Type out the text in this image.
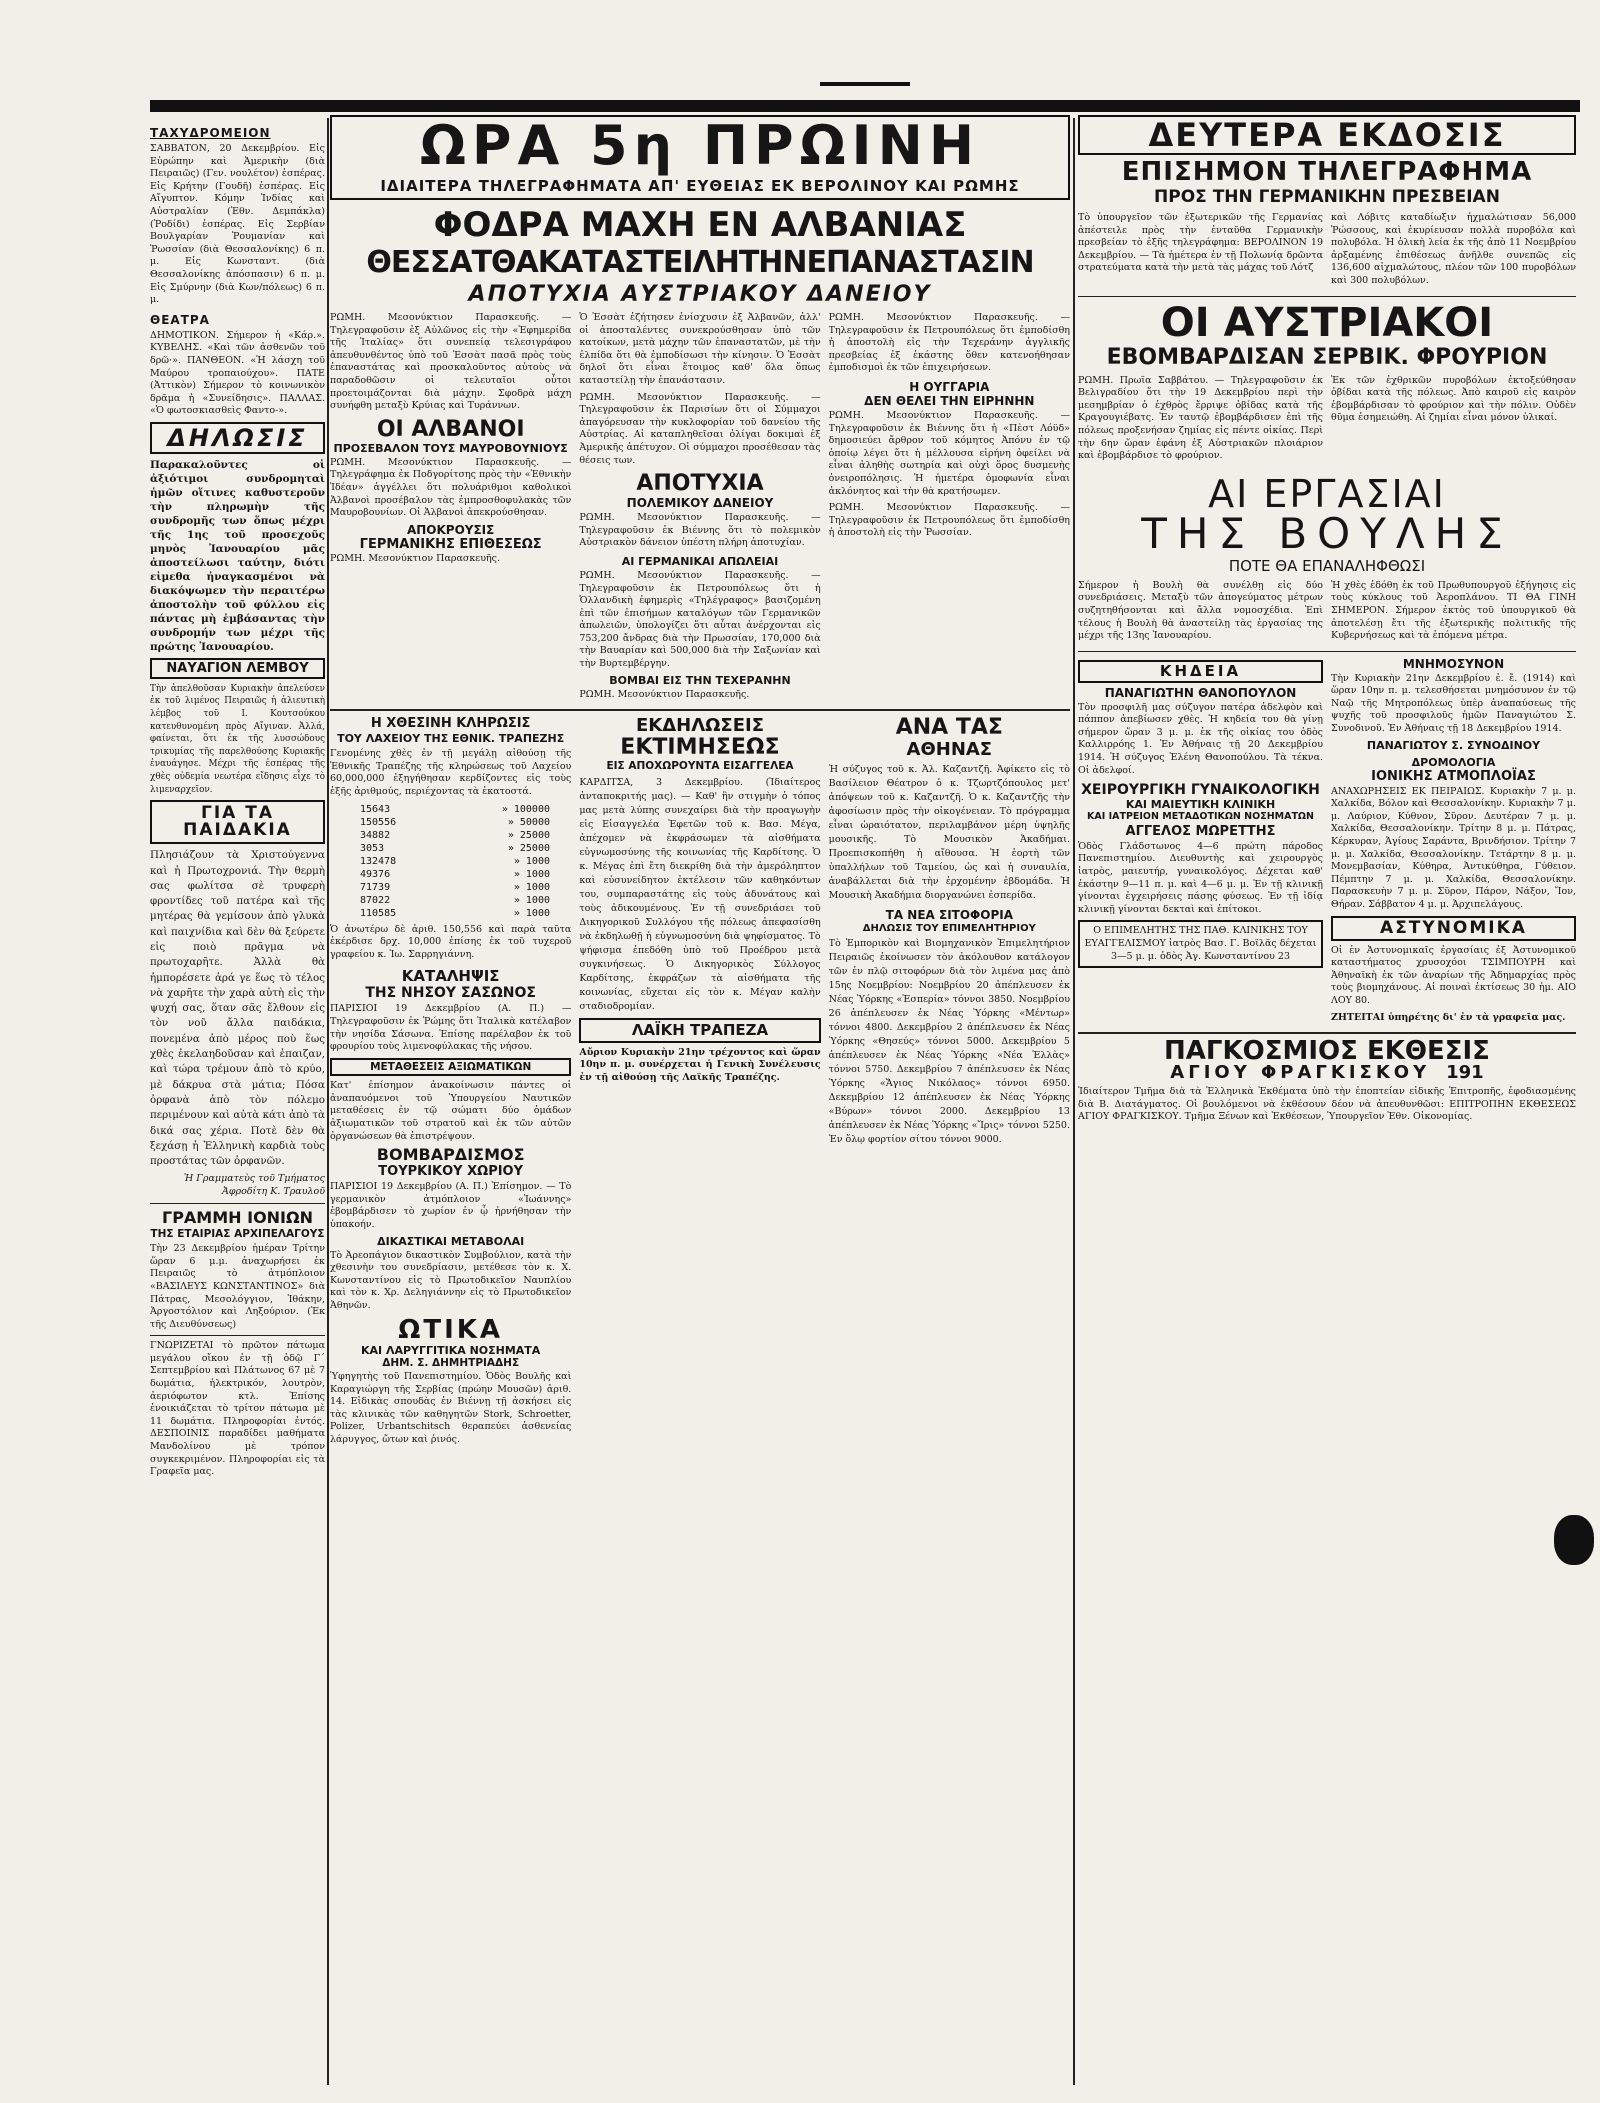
ΤΑΧΥΔΡΟΜΕΙΟΝ

ΣΑΒΒΑΤΟΝ, 20 Δεκεμβρίου. Εἰς Εὐρώπην καὶ Ἀμερικὴν (διὰ Πειραιῶς) (Γεν. νουλέτον) ἑσπέρας. Εἰς Κρήτην (Γουδῆ) ἑσπέρας. Εἰς Αἴγυπτον. Κόμην Ἰνδίας καὶ Αὐστραλίαν (Ἐθν. Δεμπάκλα) (Ῥοδίδι) ἑσπέρας. Εἰς Σερβίαν Βουλγαρίαν Ῥουμανίαν καὶ Ῥωσσίαν (διὰ Θεσσαλονίκης) 6 π. μ. Εἰς Κωνσταντ. (διὰ Θεσσαλονίκης ἀπόσπασιν) 6 π. μ. Εἰς Σμύρνην (διὰ Κων/πόλεως) 6 π. μ.

ΘΕΑΤΡΑ

ΔΗΜΟΤΙΚΟΝ. Σήμερον ἡ «Κάρ.». ΚΥΒΕΛΗΣ. «Καὶ τῶν ἀσθενῶν τοῦ δρῶ·». ΠΑΝΘΕΟΝ. «Ἡ λάσχη τοῦ Μαύρου τροπαιούχου». ΠΑΤΕ (Ἀττικὸν) Σήμερον τὸ κοινωνικὸν δρᾶμα ἡ «Συνείδησις». ΠΑΛΛΑΣ. «Ὁ φωτοσκιασθεὶς Φαντο-».

ΔΗΛΩΣΙΣ

Παρακαλοῦντες οἱ ἀξιότιμοι συνδρομηταὶ ἡμῶν οἵτινες καθυστεροῦν τὴν πληρωμὴν τῆς συνδρομῆς των ὅπως μέχρι τῆς 1ης τοῦ προσεχοῦς μηνὸς Ἰανουαρίου μᾶς ἀποστείλωσι ταύτην, διότι εἰμεθα ἠναγκασμένοι νὰ διακόψωμεν τὴν περαιτέρω ἀποστολὴν τοῦ φύλλου εἰς πάντας μὴ ἐμβάσαντας τὴν συνδρομήν των μέχρι τῆς πρώτης Ἰανουαρίου.

ΝΑΥΑΓΙΟΝ ΛΕΜΒΟΥ

Τὴν ἀπελθοῦσαν Κυριακὴν ἀπελεύσεν ἐκ τοῦ λιμένος Πειραιῶς ἡ ἁλιευτικὴ λέμβος τοῦ Ι. Κουτσούκου κατευθυνομένη πρὸς Αἴγιναν. Ἀλλά, φαίνεται, ὅτι ἐκ τῆς λυσσώδους τρικυμίας τῆς παρελθούσης Κυριακῆς ἐναυάγησε. Μέχρι τῆς ἐσπέρας τῆς χθὲς οὐδεμία νεωτέρα εἴδησις εἶχε τὸ λιμεναρχεῖον.

ΓΙΑ ΤΑ ΠΑΙΔΑΚΙΑ

Πλησιάζουν τὰ Χριστούγεννα καὶ ἡ Πρωτοχρονιά. Τὴν θερμὴ σας φωλίτσα σὲ τρυφερὴ φροντίδες τοῦ πατέρα καὶ τῆς μητέρας θὰ γεμίσουν ἀπὸ γλυκὰ καὶ παιχνίδια καὶ δὲν θὰ ξεύρετε εἰς ποιὸ πρᾶγμα νὰ πρωτοχαρῆτε. Ἀλλὰ θὰ ἠμπορέσετε ἀρά γε ἕως τὸ τέλος νὰ χαρῆτε τὴν χαρὰ αὐτὴ εἰς τὴν ψυχή σας, ὅταν σᾶς ἔλθουν εἰς τὸν νοῦ ἄλλα παιδάκια, πονεμένα ἀπὸ μέρος ποὺ ἕως χθὲς ἐκελαηδοῦσαν καὶ ἐπαιζαν, καὶ τώρα τρέμουν ἀπὸ τὸ κρύο, μὲ δάκρυα στὰ μάτια; Πόσα ὀρφανὰ ἀπὸ τὸν πόλεμο περιμένουν καὶ αὐτὰ κάτι ἀπὸ τὰ δικά σας χέρια. Ποτὲ δὲν θὰ ξεχάσῃ ἡ Ἑλληνικὴ καρδιὰ τοὺς προστάτας τῶν ὀρφανῶν.

Ἡ Γραμματεὺς τοῦ Τμήματος Ἀφροδίτη Κ. Τραυλοῦ

ΓΡΑΜΜΗ ΙΟΝΙΩΝ
ΤΗΣ ΕΤΑΙΡΙΑΣ ΑΡΧΙΠΕΛΑΓΟΥΣ

Τὴν 23 Δεκεμβρίου ἡμέραν Τρίτην ὥραν 6 μ.μ. ἀναχωρήσει ἐκ Πειραιῶς τὸ ἀτμόπλοιον «ΒΑΣΙΛΕΥΣ ΚΩΝΣΤΑΝΤΙΝΟΣ» διὰ Πάτρας, Μεσολόγγιον, Ἰθάκην, Ἀργοστόλιον καὶ Ληξούριον. (Ἐκ τῆς Διευθύνσεως)

ΓΝΩΡΙΖΕΤΑΙ τὸ πρῶτον πάτωμα μεγάλου οἴκου ἐν τῇ ὁδῷ Γ΄ Σεπτεμβρίου καὶ Πλάτωνος 67 μὲ 7 δωμάτια, ἠλεκτρικόν, λουτρὸν, ἀεριόφωτον κτλ. Ἐπίσης ἐνοικιάζεται τὸ τρίτον πάτωμα μὲ 11 δωμάτια. Πληροφορίαι ἐντός. ΔΕΣΠΟΙΝΙΣ παραδίδει μαθήματα Μανδολίνου μὲ τρόπον συγκεκριμένον. Πληροφορίαι εἰς τὰ Γραφεῖα μας.

ΩΡΑ 5η ΠΡΩΙΝΗ
ΙΔΙΑΙΤΕΡΑ ΤΗΛΕΓΡΑΦΗΜΑΤΑ ΑΠ' ΕΥΘΕΙΑΣ ΕΚ ΒΕΡΟΛΙΝΟΥ ΚΑΙ ΡΩΜΗΣ
ΦΟΔΡΑ ΜΑΧΗ ΕΝ ΑΛΒΑΝΙΑΣ
ΘΕΣΣΑΤΘΑΚΑΤΑΣΤΕΙΛΗΤΗΝΕΠΑΝΑΣΤΑΣΙΝ
ΑΠΟΤΥΧΙΑ ΑΥΣΤΡΙΑΚΟΥ ΔΑΝΕΙΟΥ

ΡΩΜΗ. Μεσονύκτιον Παρασκευῆς. — Τηλεγραφοῦσιν ἐξ Αὐλῶνος εἰς τὴν «Ἐφημερίδα τῆς Ἰταλίας» ὅτι συνεπείᾳ τελεσιγράφου ἀπευθυνθέντος ὑπὸ τοῦ Ἐσσὰτ πασᾶ πρὸς τοὺς ἐπαναστάτας καὶ προσκαλοῦντος αὐτοὺς νὰ παραδοθῶσιν οἱ τελευταῖοι οὗτοι προετοιμάζονται διὰ μάχην. Σφοδρὰ μάχη συνήφθη μεταξὺ Κρύιας καὶ Τυράννων.

ΟΙ ΑΛΒΑΝΟΙ
ΠΡΟΣΕΒΑΛΟΝ ΤΟΥΣ ΜΑΥΡΟΒΟΥΝΙΟΥΣ

ΡΩΜΗ. Μεσονύκτιον Παρασκευῆς. — Τηλεγράφημα ἐκ Ποδγορίτσης πρὸς τὴν «Ἐθνικὴν Ἰδέαν» ἀγγέλλει ὅτι πολυάριθμοι καθολικοὶ Ἀλβανοὶ προσέβαλον τὰς ἐμπροσθοφυλακὰς τῶν Μαυροβουνίων. Οἱ Ἀλβανοὶ ἀπεκρούσθησαν.

ΑΠΟΚΡΟΥΣΙΣ
ΓΕΡΜΑΝΙΚΗΣ ΕΠΙΘΕΣΕΩΣ

ΡΩΜΗ. Μεσονύκτιον Παρασκευῆς.

Ὁ Ἐσσὰτ ἐζήτησεν ἐνίσχυσιν ἐξ Ἀλβανῶν, ἀλλ' οἱ ἀποσταλέντες συνεκρούσθησαν ὑπὸ τῶν κατοίκων, μετὰ μάχην τῶν ἐπαναστατῶν, μὲ τὴν ἐλπίδα ὅτι θὰ ἐμποδίσωσι τὴν κίνησιν. Ὁ Ἐσσὰτ δηλοῖ ὅτι εἶναι ἕτοιμος καθ' ὅλα ὅπως καταστείλῃ τὴν ἐπανάστασιν.

ΡΩΜΗ. Μεσονύκτιον Παρασκευῆς. — Τηλεγραφοῦσιν ἐκ Παρισίων ὅτι οἱ Σύμμαχοι ἀπαγόρευσαν τὴν κυκλοφορίαν τοῦ δανείου τῆς Αὐστρίας. Αἱ καταπληθεῖσαι ὀλίγαι δοκιμαὶ ἐξ Ἀμερικῆς ἀπέτυχον. Οἱ σύμμαχοι προσέθεσαν τὰς θέσεις των.

ΑΠΟΤΥΧΙΑ
ΠΟΛΕΜΙΚΟΥ ΔΑΝΕΙΟΥ

ΡΩΜΗ. Μεσονύκτιον Παρασκευῆς. — Τηλεγραφοῦσιν ἐκ Βιέννης ὅτι τὸ πολεμικὸν Αὐστριακὸν δάνειον ὑπέστη πλήρη ἀποτυχίαν.

ΑΙ ΓΕΡΜΑΝΙΚΑΙ ΑΠΩΛΕΙΑΙ

ΡΩΜΗ. Μεσονύκτιον Παρασκευῆς. — Τηλεγραφοῦσιν ἐκ Πετρουπόλεως ὅτι ἡ Ὁλλανδικὴ ἐφημερὶς «Τηλέγραφος» βασιζομένη ἐπὶ τῶν ἐπισήμων καταλόγων τῶν Γερμανικῶν ἀπωλειῶν, ὑπολογίζει ὅτι αὗται ἀνέρχονται εἰς 753,200 ἄνδρας διὰ τὴν Πρωσσίαν, 170,000 διὰ τὴν Βαυαρίαν καὶ 500,000 διὰ τὴν Σαξωνίαν καὶ τὴν Βυρτεμβέργην.

ΒΟΜΒΑΙ ΕΙΣ ΤΗΝ ΤΕΧΕΡΑΝΗΝ

ΡΩΜΗ. Μεσονύκτιον Παρασκευῆς.

ΡΩΜΗ. Μεσονύκτιον Παρασκευῆς. — Τηλεγραφοῦσιν ἐκ Πετρουπόλεως ὅτι ἐμποδίσθη ἡ ἀποστολὴ εἰς τὴν Τεχεράνην ἀγγλικῆς πρεσβείας ἐξ ἑκάστης ὅθεν κατενοήθησαν ἐμποδισμοὶ ἐκ τῶν ἐπιχειρήσεων.

Η ΟΥΓΓΑΡΙΑ
ΔΕΝ ΘΕΛΕΙ ΤΗΝ ΕΙΡΗΝΗΝ

ΡΩΜΗ. Μεσονύκτιον Παρασκευῆς. — Τηλεγραφοῦσιν ἐκ Βιέννης ὅτι ἡ «Πὲστ Λόϋδ» δημοσιεύει ἄρθρον τοῦ κόμητος Ἀπόνυ ἐν τῷ ὁποίῳ λέγει ὅτι ἡ μέλλουσα εἰρήνη ὀφείλει νὰ εἶναι ἀληθὴς σωτηρία καὶ οὐχὶ ὅρος δυσμενὴς ὀνειροπόλησις. Ἡ ἡμετέρα ὁμοφωνία εἶναι ἀκλόνητος καὶ τὴν θὰ κρατήσωμεν.

ΡΩΜΗ. Μεσονύκτιον Παρασκευῆς. — Τηλεγραφοῦσιν ἐκ Πετρουπόλεως ὅτι ἐμποδίσθη ἡ ἀποστολὴ εἰς τὴν Ῥωσσίαν.

Η ΧΘΕΣΙΝΗ ΚΛΗΡΩΣΙΣ
ΤΟΥ ΛΑΧΕΙΟΥ ΤΗΣ ΕΘΝΙΚ. ΤΡΑΠΕΖΗΣ

Γενομένης χθὲς ἐν τῇ μεγάλῃ αἰθούσῃ τῆς Ἐθνικῆς Τραπέζης τῆς κληρώσεως τοῦ Λαχείου 60,000,000 ἐξηγήθησαν κερδίζοντες εἰς τοὺς ἑξῆς ἀριθμούς, περιέχοντας τὰ ἐκατοστά.

15643	» 100000
150556	» 50000
34882	» 25000
3053	» 25000
132478	» 1000
49376	» 1000
71739	» 1000
87022	» 1000
110585	» 1000

Ὁ ἀνωτέρω δὲ ἀριθ. 150,556 καὶ παρὰ ταῦτα ἐκέρδισε δρχ. 10,000 ἐπίσης ἐκ τοῦ τυχεροῦ γραφείου κ. Ἰω. Σαρρηγιάννη.

ΚΑΤΑΛΗΨΙΣ
ΤΗΣ ΝΗΣΟΥ ΣΑΣΩΝΟΣ

ΠΑΡΙΣΙΟΙ 19 Δεκεμβρίου (Α. Π.) — Τηλεγραφοῦσιν ἐκ Ῥώμης ὅτι Ἰταλικὰ κατέλαβον τὴν νησίδα Σάσωνα. Ἐπίσης παρέλαβον ἐκ τοῦ φρουρίου τοὺς λιμενοφύλακας τῆς νήσου.

ΜΕΤΑΘΕΣΕΙΣ ΑΞΙΩΜΑΤΙΚΩΝ

Κατ' ἐπίσημον ἀνακοίνωσιν πάντες οἱ ἀναπαυόμενοι τοῦ Ὑπουργείου Ναυτικῶν μεταθέσεις ἐν τῷ σώματι δύο ὁμάδων ἀξιωματικῶν τοῦ στρατοῦ καὶ ἐκ τῶν αὐτῶν ὀργανώσεων θὰ ἐπιστρέψουν.

ΒΟΜΒΑΡΔΙΣΜΟΣ
ΤΟΥΡΚΙΚΟΥ ΧΩΡΙΟΥ

ΠΑΡΙΣΙΟΙ 19 Δεκεμβρίου (Α. Π.) Ἐπίσημον. — Τὸ γερμανικὸν ἀτμόπλοιον «Ἰωάννης» ἐβομβάρδισεν τὸ χωρίον ἐν ᾧ ἠρνήθησαν τὴν ὑπακοήν.

ΔΙΚΑΣΤΙΚΑΙ ΜΕΤΑΒΟΛΑΙ

Τὸ Ἀρεοπάγιον δικαστικὸν Συμβούλιον, κατὰ τὴν χθεσινὴν του συνεδρίασιν, μετέθεσε τὸν κ. Χ. Κωνσταντίνου εἰς τὸ Πρωτοδικεῖον Ναυπλίου καὶ τὸν κ. Χρ. Δεληγιάννην εἰς τὸ Πρωτοδικεῖον Ἀθηνῶν.

ΩΤΙΚΑ
ΚΑΙ ΛΑΡΥΓΓΙΤΙΚΑ ΝΟΣΗΜΑΤΑ
ΔΗΜ. Σ. ΔΗΜΗΤΡΙΑΔΗΣ

Ὑφηγητὴς τοῦ Πανεπιστημίου. Ὁδὸς Βουλῆς καὶ Καραγιώργη τῆς Σερβίας (πρώην Μουσῶν) ἀριθ. 14. Εἰδικὰς σπουδὰς ἐν Βιέννῃ τῇ ἀσκήσει εἰς τὰς κλινικὰς τῶν καθηγητῶν Stork, Schroetter, Polizer, Urbantschitsch θεραπεύει ἀσθενείας λάρυγγος, ὤτων καὶ ῥινός.

ΕΚΔΗΛΩΣΕΙΣ
ΕΚΤΙΜΗΣΕΩΣ
ΕΙΣ ΑΠΟΧΩΡΟΥΝΤΑ ΕΙΣΑΓΓΕΛΕΑ

ΚΑΡΔΙΤΣΑ, 3 Δεκεμβρίου. (Ἰδιαίτερος ἀνταποκριτής μας). — Καθ' ἣν στιγμὴν ὁ τόπος μας μετὰ λύπης συνεχαίρει διὰ τὴν προαγωγὴν εἰς Εἰσαγγελέα Ἐφετῶν τοῦ κ. Βασ. Μέγα, ἀπέχομεν νὰ ἐκφράσωμεν τὰ αἰσθήματα εὐγνωμοσύνης τῆς κοινωνίας τῆς Καρδίτσης. Ὁ κ. Μέγας ἐπὶ ἔτη διεκρίθη διὰ τὴν ἀμερόληπτον καὶ εὐσυνείδητον ἐκτέλεσιν τῶν καθηκόντων του, συμπαραστάτης εἰς τοὺς ἀδυνάτους καὶ τοὺς ἀδικουμένους. Ἐν τῇ συνεδριάσει τοῦ Δικηγορικοῦ Συλλόγου τῆς πόλεως ἀπεφασίσθη νὰ ἐκδηλωθῇ ἡ εὐγνωμοσύνη διὰ ψηφίσματος. Τὸ ψήφισμα ἐπεδόθη ὑπὸ τοῦ Προέδρου μετὰ συγκινήσεως. Ὁ Δικηγορικὸς Σύλλογος Καρδίτσης, ἐκφράζων τὰ αἰσθήματα τῆς κοινωνίας, εὔχεται εἰς τὸν κ. Μέγαν καλὴν σταδιοδρομίαν.

ΛΑΪΚΗ ΤΡΑΠΕΖΑ

Αὔριον Κυριακὴν 21ην τρέχοντος καὶ ὥραν 10ην π. μ. συνέρχεται ἡ Γενικὴ Συνέλευσις ἐν τῇ αἰθούσῃ τῆς Λαϊκῆς Τραπέζης.

ΑΝΑ ΤΑΣ
ΑΘΗΝΑΣ

Ἡ σύζυγος τοῦ κ. Ἀλ. Καζαντζῆ. Ἀφίκετο εἰς τὸ Βασίλειον Θέατρον ὁ κ. Τζωρτζόπουλος μετ' ἀπόψεων τοῦ κ. Καζαντζῆ. Ὁ κ. Καζαντζῆς τὴν ἀφοσίωσιν πρὸς τὴν οἰκογένειαν. Τὸ πρόγραμμα εἶναι ὡραιότατον, περιλαμβάνον μέρη ὑψηλῆς μουσικῆς. Τὸ Μουσικὸν Ἀκαδήμαι. Προεπισκοπήθη ἡ αἴθουσα. Ἡ ἑορτὴ τῶν ὑπαλλήλων τοῦ Ταμείου, ὡς καὶ ἡ συναυλία, ἀναβάλλεται διὰ τὴν ἐρχομένην ἑβδομάδα. Ἡ Μουσικὴ Ἀκαδήμια διοργανώνει ἐσπερίδα.

ΤΑ ΝΕΑ ΣΙΤΟΦΟΡΙΑ
ΔΗΛΩΣΙΣ ΤΟΥ ΕΠΙΜΕΛΗΤΗΡΙΟΥ

Τὸ Ἐμπορικὸν καὶ Βιομηχανικὸν Ἐπιμελητήριον Πειραιῶς ἐκοίνωσεν τὸν ἀκόλουθον κατάλογον τῶν ἐν πλῷ σιτοφόρων διὰ τὸν λιμένα μας ἀπὸ 15ης Νοεμβρίου: Νοεμβρίου 20 ἀπέπλευσεν ἐκ Νέας Ὑόρκης «Ἑσπερία» τόννοι 3850. Νοεμβρίου 26 ἀπέπλευσεν ἐκ Νέας Ὑόρκης «Μέντωρ» τόννοι 4800. Δεκεμβρίου 2 ἀπέπλευσεν ἐκ Νέας Ὑόρκης «Θησεύς» τόννοι 5000. Δεκεμβρίου 5 ἀπέπλευσεν ἐκ Νέας Ὑόρκης «Νέα Ἑλλὰς» τόννοι 5750. Δεκεμβρίου 7 ἀπέπλευσεν ἐκ Νέας Ὑόρκης «Ἄγιος Νικόλαος» τόννοι 6950. Δεκεμβρίου 12 ἀπέπλευσεν ἐκ Νέας Ὑόρκης «Βύρων» τόννοι 2000. Δεκεμβρίου 13 ἀπέπλευσεν ἐκ Νέας Ὑόρκης «Ἴρις» τόννοι 5250. Ἐν ὅλῳ φορτίον σίτου τόννοι 9000.

ΔΕΥΤΕΡΑ ΕΚΔΟΣΙΣ
ΕΠΙΣΗΜΟΝ ΤΗΛΕΓΡΑΦΗΜΑ
ΠΡΟΣ ΤΗΝ ΓΕΡΜΑΝΙΚΗΝ ΠΡΕΣΒΕΙΑΝ

Τὸ ὑπουργεῖον τῶν ἐξωτερικῶν τῆς Γερμανίας ἀπέστειλε πρὸς τὴν ἐνταῦθα Γερμανικὴν πρεσβείαν τὸ ἑξῆς τηλεγράφημα: ΒΕΡΟΛΙΝΟΝ 19 Δεκεμβρίου. — Τὰ ἡμέτερα ἐν τῇ Πολωνίᾳ δρῶντα στρατεύματα κατὰ τὴν μετὰ τὰς μάχας τοῦ Λότζ

καὶ Λόβιτς καταδίωξιν ἠχμαλώτισαν 56,000 Ῥώσσους, καὶ ἐκυρίευσαν πολλὰ πυροβόλα καὶ πολυβόλα. Ἡ ὁλικὴ λεία ἐκ τῆς ἀπὸ 11 Νοεμβρίου ἀρξαμένης ἐπιθέσεως ἀνῆλθε συνεπῶς εἰς 136,600 αἰχμαλώτους, πλέον τῶν 100 πυροβόλων καὶ 300 πολυβόλων.

ΟΙ ΑΥΣΤΡΙΑΚΟΙ
ΕΒΟΜΒΑΡΔΙΣΑΝ ΣΕΡΒΙΚ. ΦΡΟΥΡΙΟΝ

ΡΩΜΗ. Πρωΐα Σαββάτου. — Τηλεγραφοῦσιν ἐκ Βελιγραδίου ὅτι τὴν 19 Δεκεμβρίου περὶ τὴν μεσημβρίαν ὁ ἐχθρὸς ἔρριψε ὀβίδας κατὰ τῆς Κραγουγιέβατς. Ἐν ταυτῷ ἐβομβάρδισεν ἐπὶ τῆς πόλεως προξενήσαν ζημίας εἰς πέντε οἰκίας. Περὶ τὴν 6ην ὥραν ἐφάνη ἐξ Αὐστριακῶν πλοιάριον καὶ ἐβομβάρδισε τὸ φρούριον.

Ἐκ τῶν ἐχθρικῶν πυροβόλων ἐκτοξεύθησαν ὀβίδαι κατὰ τῆς πόλεως. Ἀπὸ καιροῦ εἰς καιρὸν ἐβομβάρδισαν τὸ φρούριον καὶ τὴν πόλιν. Οὐδὲν θῦμα ἐσημειώθη. Αἱ ζημίαι εἶναι μόνον ὑλικαί.

ΑΙ ΕΡΓΑΣΙΑΙ
ΤΗΣ ΒΟΥΛΗΣ
ΠΟΤΕ ΘΑ ΕΠΑΝΑΛΗΦΘΩΣΙ

Σήμερον ἡ Βουλὴ θὰ συνέλθῃ εἰς δύο συνεδριάσεις. Μεταξὺ τῶν ἀπογεύματος μέτρων συζητηθήσονται καὶ ἄλλα νομοσχέδια. Ἐπὶ τέλους ἡ Βουλὴ θὰ ἀναστείλῃ τὰς ἐργασίας της μέχρι τῆς 13ης Ἰανουαρίου.

Ἡ χθὲς ἐδόθη ἐκ τοῦ Πρωθυπουργοῦ ἐξήγησις εἰς τοὺς κύκλους τοῦ Ἀεροπλάνου. TI ΘΑ ΓΙΝΗ ΣΗΜΕΡΟΝ. Σήμερον ἐκτὸς τοῦ ὑπουργικοῦ θὰ ἀποτελέσῃ ἔτι τῆς ἐξωτερικῆς πολιτικῆς τῆς Κυβερνήσεως καὶ τὰ ἑπόμενα μέτρα.

ΚΗΔΕΙΑ
ΠΑΝΑΓΙΩΤΗΝ ΘΑΝΟΠΟΥΛΟΝ

Τὸν προσφιλῆ μας σύζυγον πατέρα ἀδελφὸν καὶ πάππον ἀπεβίωσεν χθὲς. Ἡ κηδεία του θὰ γίνῃ σήμερον ὥραν 3 μ. μ. ἐκ τῆς οἰκίας του ὁδὸς Καλλιρρόης 1. Ἐν Ἀθήναις τῇ 20 Δεκεμβρίου 1914. Ἡ σύζυγος Ἑλένη Θανοπούλου. Τὰ τέκνα. Οἱ ἀδελφοί.

ΧΕΙΡΟΥΡΓΙΚΗ ΓΥΝΑΙΚΟΛΟΓΙΚΗ
ΚΑΙ ΜΑΙΕΥΤΙΚΗ ΚΛΙΝΙΚΗ
ΚΑΙ ΙΑΤΡΕΙΟΝ ΜΕΤΑΔΟΤΙΚΩΝ ΝΟΣΗΜΑΤΩΝ
ΑΓΓΕΛΟΣ ΜΩΡΕΤΤΗΣ

Ὁδὸς Γλάδστωνος 4—6 πρώτη πάροδος Πανεπιστημίου. Διευθυντὴς καὶ χειρουργὸς ἰατρὸς, μαιευτήρ, γυναικολόγος. Δέχεται καθ' ἑκάστην 9—11 π. μ. καὶ 4—6 μ. μ. Ἐν τῇ κλινικῇ γίνονται ἐγχειρήσεις πάσης φύσεως. Ἐν τῇ ἰδίᾳ κλινικῇ γίνονται δεκταὶ καὶ ἐπίτοκοι.

Ο ΕΠΙΜΕΛΗΤΗΣ ΤΗΣ ΠΑΘ. ΚΛΙΝΙΚΗΣ ΤΟΥ ΕΥΑΓΓΕΛΙΣΜΟΥ ἰατρὸς Βασ. Γ. Βοϊλᾶς δέχεται 3—5 μ. μ. ὁδὸς Ἀγ. Κωνσταντίνου 23

ΜΝΗΜΟΣΥΝΟΝ

Τὴν Κυριακὴν 21ην Δεκεμβρίου ἐ. ἔ. (1914) καὶ ὥραν 10ην π. μ. τελεσθήσεται μνημόσυνον ἐν τῷ Ναῷ τῆς Μητροπόλεως ὑπὲρ ἀναπαύσεως τῆς ψυχῆς τοῦ προσφιλοῦς ἡμῶν Παναγιώτου Σ. Συνοδινοῦ. Ἐν Ἀθήναις τῇ 18 Δεκεμβρίου 1914.

ΠΑΝΑΓΙΩΤΟΥ Σ. ΣΥΝΟΔΙΝΟΥ
ΔΡΟΜΟΛΟΓΙΑ
ΙΟΝΙΚΗΣ ΑΤΜΟΠΛΟΪΑΣ

ΑΝΑΧΩΡΗΣΕΙΣ ΕΚ ΠΕΙΡΑΙΩΣ. Κυριακὴν 7 μ. μ. Χαλκίδα, Βόλον καὶ Θεσσαλονίκην. Κυριακὴν 7 μ. μ. Λαύριον, Κύθνον, Σῦρον. Δευτέραν 7 μ. μ. Χαλκίδα, Θεσσαλονίκην. Τρίτην 8 μ. μ. Πάτρας, Κέρκυραν, Ἀγίους Σαράντα, Βρινδήσιον. Τρίτην 7 μ. μ. Χαλκίδα, Θεσσαλονίκην. Τετάρτην 8 μ. μ. Μονεμβασίαν, Κύθηρα, Ἀντικύθηρα, Γύθειον. Πέμπτην 7 μ. μ. Χαλκίδα, Θεσσαλονίκην. Παρασκευὴν 7 μ. μ. Σῦρον, Πάρον, Νάξον, Ἴον, Θήραν. Σάββατον 4 μ. μ. Ἀρχιπελάγους.

ΑΣΤΥΝΟΜΙΚΑ

Οἱ ἐν Ἀστυνομικαῖς ἐργασίαις ἐξ Ἀστυνομικοῦ καταστήματος χρυσοχόοι ΤΣΙΜΠΟΥΡΗ καὶ Ἀθηναϊκὴ ἐκ τῶν ἀναρίων τῆς Ἀδημαρχίας πρὸς τοὺς βιομηχάνους. Αἱ ποιναὶ ἐκτίσεως 30 ἡμ. ΑΙΟ ΛΟΥ 80.

ΖΗΤΕΙΤΑΙ ὑπηρέτης δι' ἐν τὰ γραφεῖα μας.

ΠΑΓΚΟΣΜΙΟΣ ΕΚΘΕΣΙΣ
ΑΓΙΟΥ ΦΡΑΓΚΙΣΚΟΥ 191

Ἰδιαίτερον Τμῆμα διὰ τὰ Ἑλληνικὰ Ἐκθέματα ὑπὸ τὴν ἐποπτείαν εἰδικῆς Ἐπιτροπῆς, ἐφοδιασμένης διὰ Β. Διατάγματος. Οἱ βουλόμενοι νὰ ἐκθέσουν δέον νὰ ἀπευθυνθῶσι: ΕΠΙΤΡΟΠΗΝ ΕΚΘΕΣΕΩΣ ΑΓΙΟΥ ΦΡΑΓΚΙΣΚΟΥ. Τμῆμα Ξένων καὶ Ἐκθέσεων, Ὑπουργεῖον Ἐθν. Οἰκονομίας.
